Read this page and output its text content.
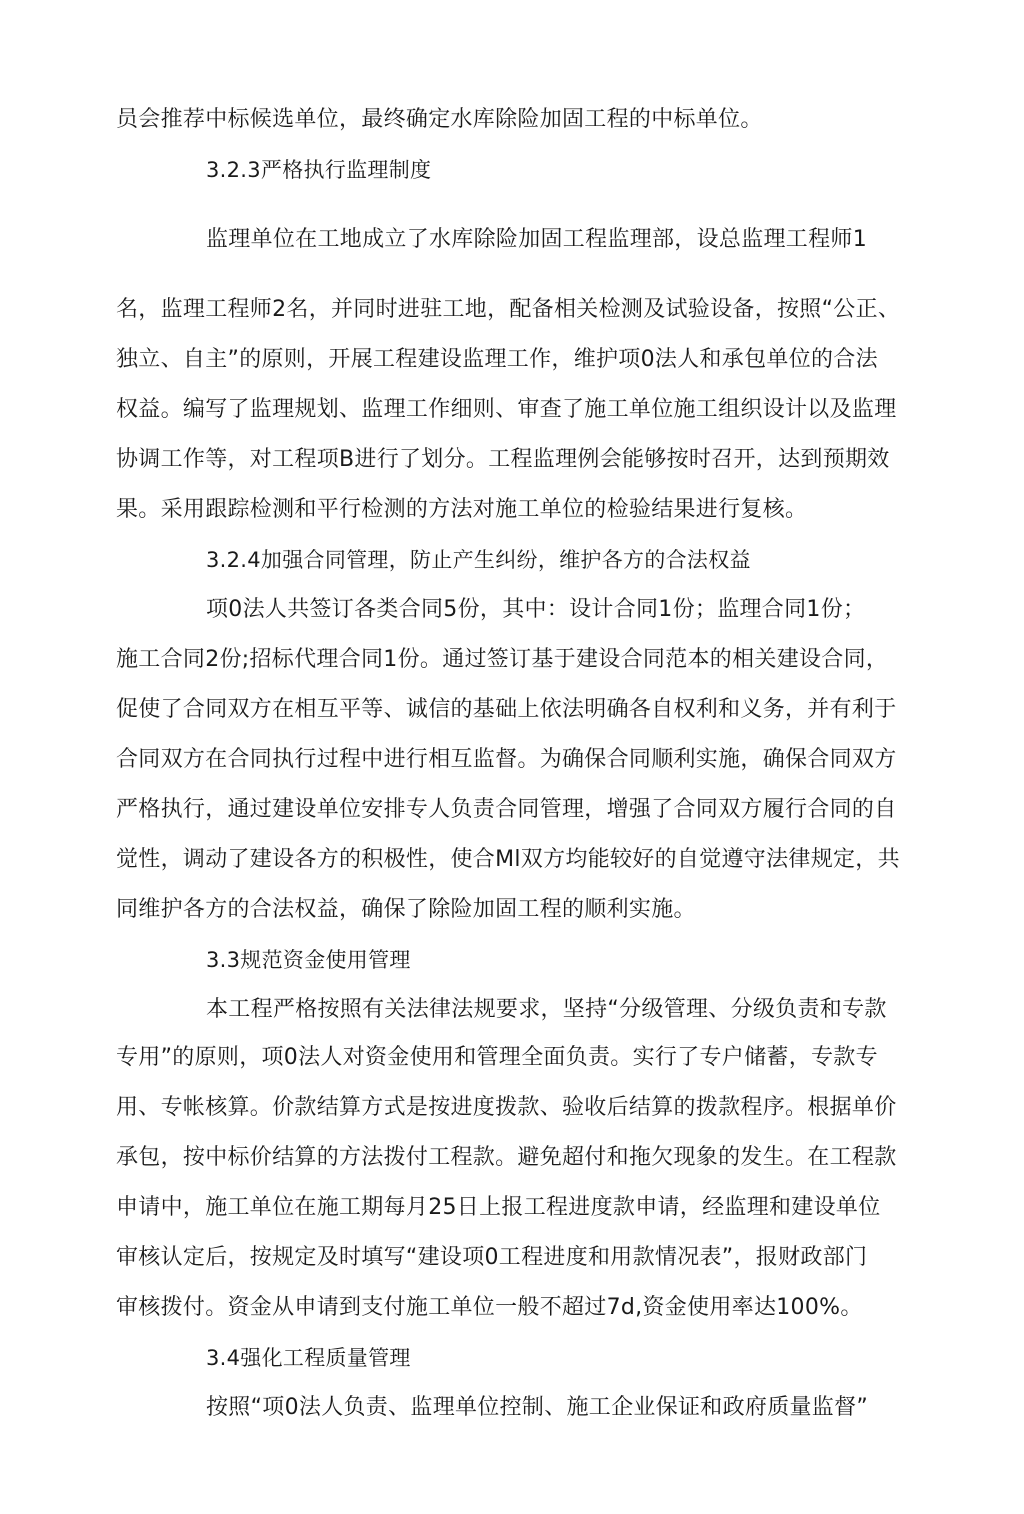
员会推荐中标候选单位，最终确定水库除险加固工程的中标单位。
3.2.3严格执行监理制度
监理单位在工地成立了水库除险加固工程监理部，设总监理工程师1
名，监理工程师2名，并同时进驻工地，配备相关检测及试验设备，按照“公正、
独立、自主”的原则，开展工程建设监理工作，维护项0法人和承包单位的合法
权益。编写了监理规划、监理工作细则、审查了施工单位施工组织设计以及监理
协调工作等，对工程项B进行了划分。工程监理例会能够按时召开，达到预期效
果。采用跟踪检测和平行检测的方法对施工单位的检验结果进行复核。
3.2.4加强合同管理，防止产生纠纷，维护各方的合法权益
项0法人共签订各类合同5份，其中：设计合同1份；监理合同1份；
施工合同2份;招标代理合同1份。通过签订基于建设合同范本的相关建设合同，
促使了合同双方在相互平等、诚信的基础上依法明确各自权利和义务，并有利于
合同双方在合同执行过程中进行相互监督。为确保合同顺利实施，确保合同双方
严格执行，通过建设单位安排专人负责合同管理，增强了合同双方履行合同的自
觉性，调动了建设各方的积极性，使合Ml双方均能较好的自觉遵守法律规定，共
同维护各方的合法权益，确保了除险加固工程的顺利实施。
3.3规范资金使用管理
本工程严格按照有关法律法规要求，坚持“分级管理、分级负责和专款
专用”的原则，项0法人对资金使用和管理全面负责。实行了专户储蓄，专款专
用、专帐核算。价款结算方式是按进度拨款、验收后结算的拨款程序。根据单价
承包，按中标价结算的方法拨付工程款。避免超付和拖欠现象的发生。在工程款
申请中，施工单位在施工期每月25日上报工程进度款申请，经监理和建设单位
审核认定后，按规定及时填写“建设项0工程进度和用款情况表”，报财政部门
审核拨付。资金从申请到支付施工单位一般不超过7d,资金使用率达100%。
3.4强化工程质量管理
按照“项0法人负责、监理单位控制、施工企业保证和政府质量监督”
